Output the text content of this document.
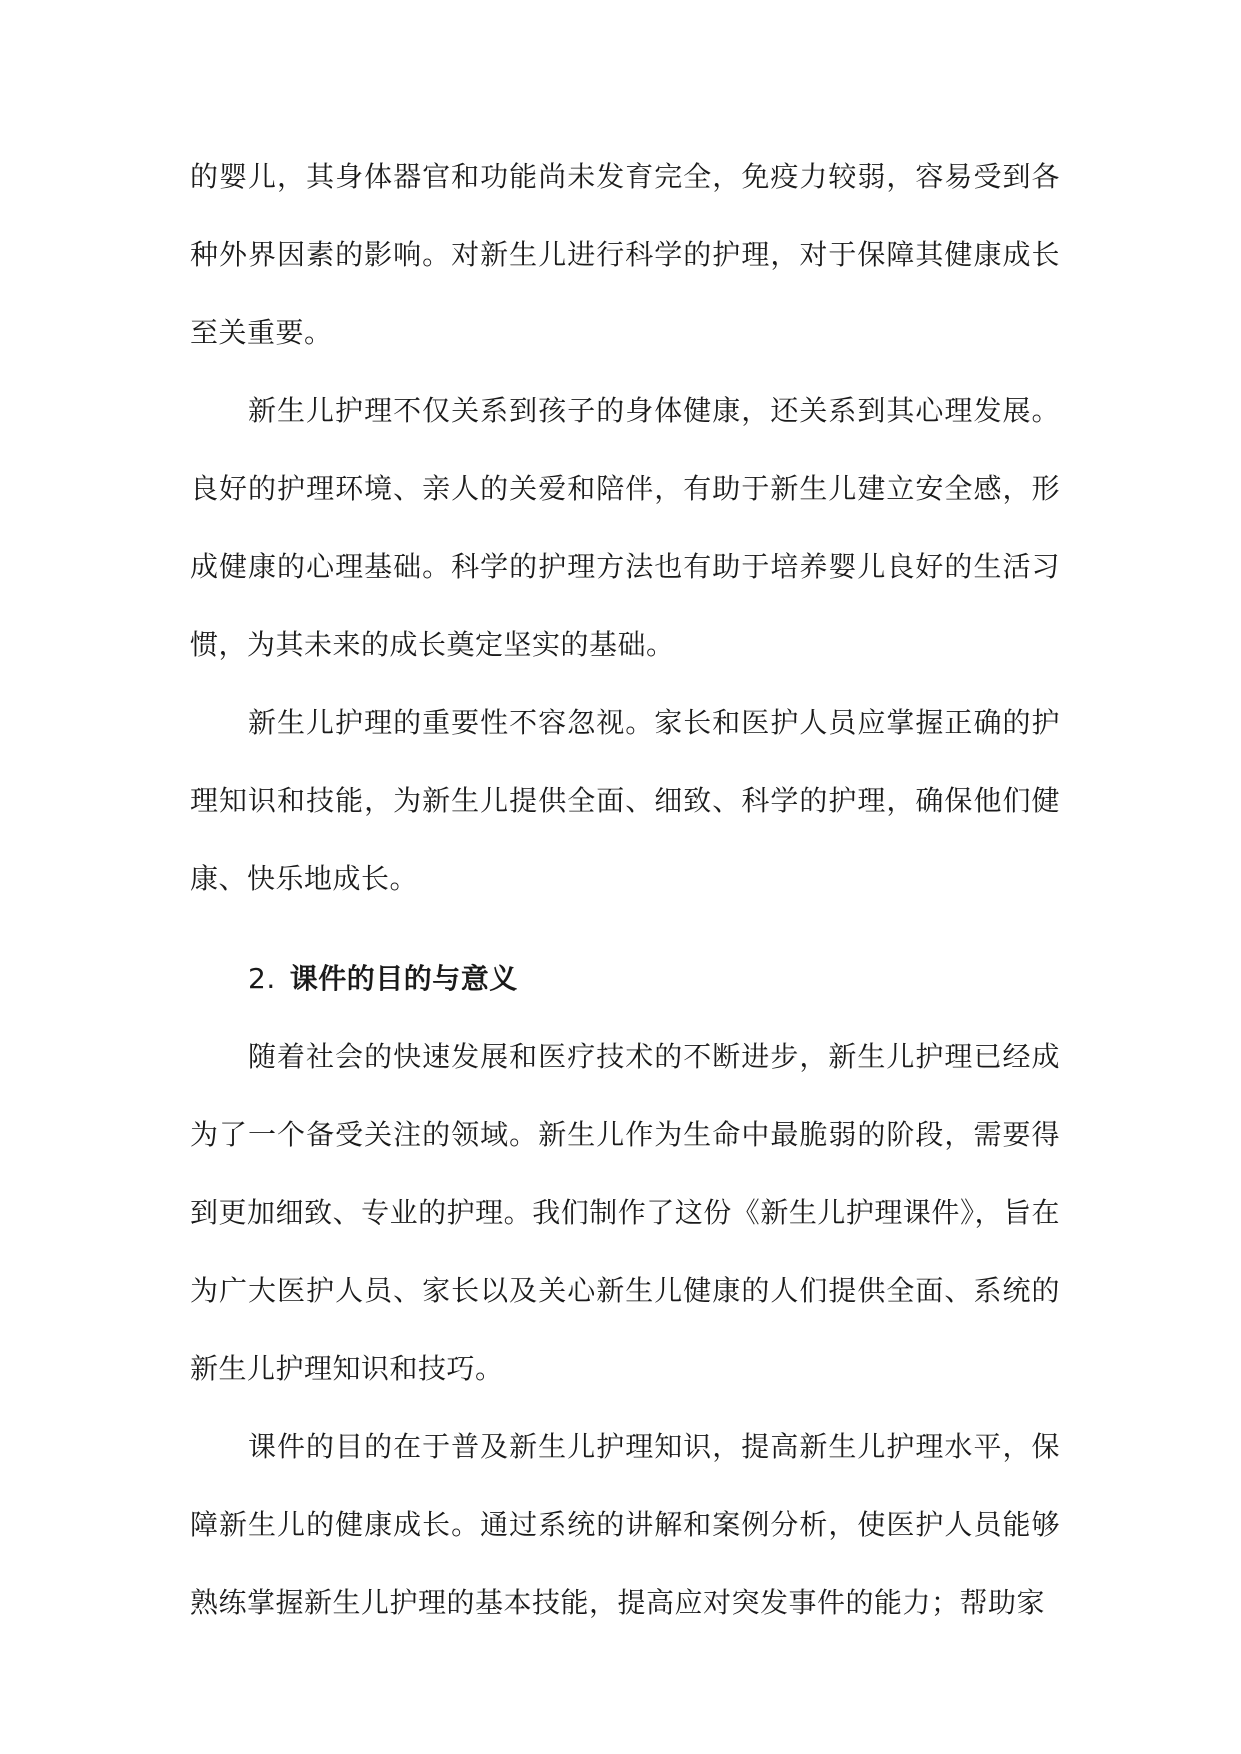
的婴儿，其身体器官和功能尚未发育完全，免疫力较弱，容易受到各种外界因素的影响。对新生儿进行科学的护理，对于保障其健康成长至关重要。

新生儿护理不仅关系到孩子的身体健康，还关系到其心理发展。良好的护理环境、亲人的关爱和陪伴，有助于新生儿建立安全感，形成健康的心理基础。科学的护理方法也有助于培养婴儿良好的生活习惯，为其未来的成长奠定坚实的基础。

新生儿护理的重要性不容忽视。家长和医护人员应掌握正确的护理知识和技能，为新生儿提供全面、细致、科学的护理，确保他们健康、快乐地成长。

2. 课件的目的与意义

随着社会的快速发展和医疗技术的不断进步，新生儿护理已经成为了一个备受关注的领域。新生儿作为生命中最脆弱的阶段，需要得到更加细致、专业的护理。我们制作了这份《新生儿护理课件》，旨在为广大医护人员、家长以及关心新生儿健康的人们提供全面、系统的新生儿护理知识和技巧。

课件的目的在于普及新生儿护理知识，提高新生儿护理水平，保障新生儿的健康成长。通过系统的讲解和案例分析，使医护人员能够熟练掌握新生儿护理的基本技能，提高应对突发事件的能力；帮助家
